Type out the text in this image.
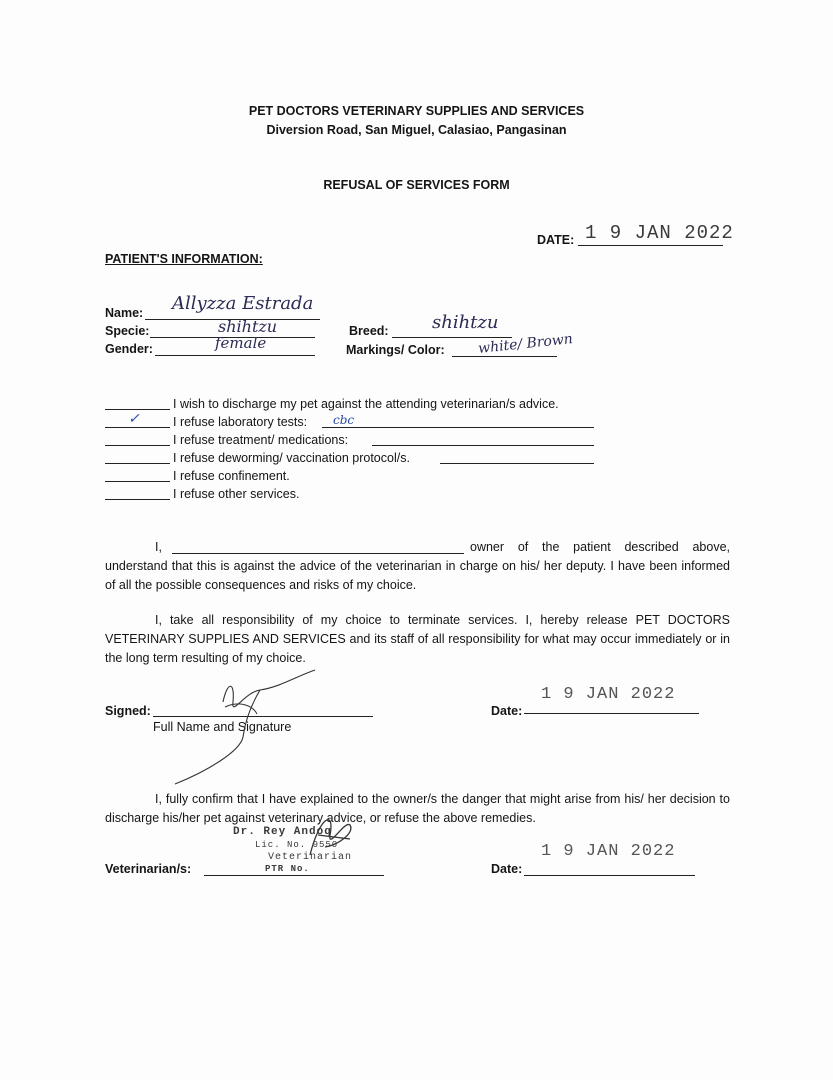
PET DOCTORS VETERINARY SUPPLIES AND SERVICES
Diversion Road, San Miguel, Calasiao, Pangasinan
REFUSAL OF SERVICES FORM
DATE: 1 9 JAN 2022
PATIENT'S INFORMATION:
Name: Allyzza Estrada
Specie:	shihtzu
Gender:	female
Breed: shihtzu
Markings/ Color: white/ Brown
I wish to discharge my pet against the attending veterinarian/s advice.
✓	I refuse laboratory tests: cbc
I refuse treatment/ medications:
I refuse deworming/ vaccination protocol/s.
I refuse confinement.
I refuse other services.
I,	owner of the patient described above,
understand that this is against the advice of the veterinarian in charge on his/ her deputy. I have been informed of all the possible consequences and risks of my choice.
I, take all responsibility of my choice to terminate services. I, hereby release PET DOCTORS VETERINARY SUPPLIES AND SERVICES and its staff of all responsibility for what may occur immediately or in the long term resulting of my choice.
Signed:
Full Name and Signature
Date:
1 9 JAN 2022
I, fully confirm that I have explained to the owner/s the danger that might arise from his/ her decision to discharge his/her pet against veterinary advice, or refuse the above remedies.
Dr. Rey Andoq
Lic. No. 9550
Veterinarian
PTR No.
Veterinarian/s:	Date:
1 9 JAN 2022
